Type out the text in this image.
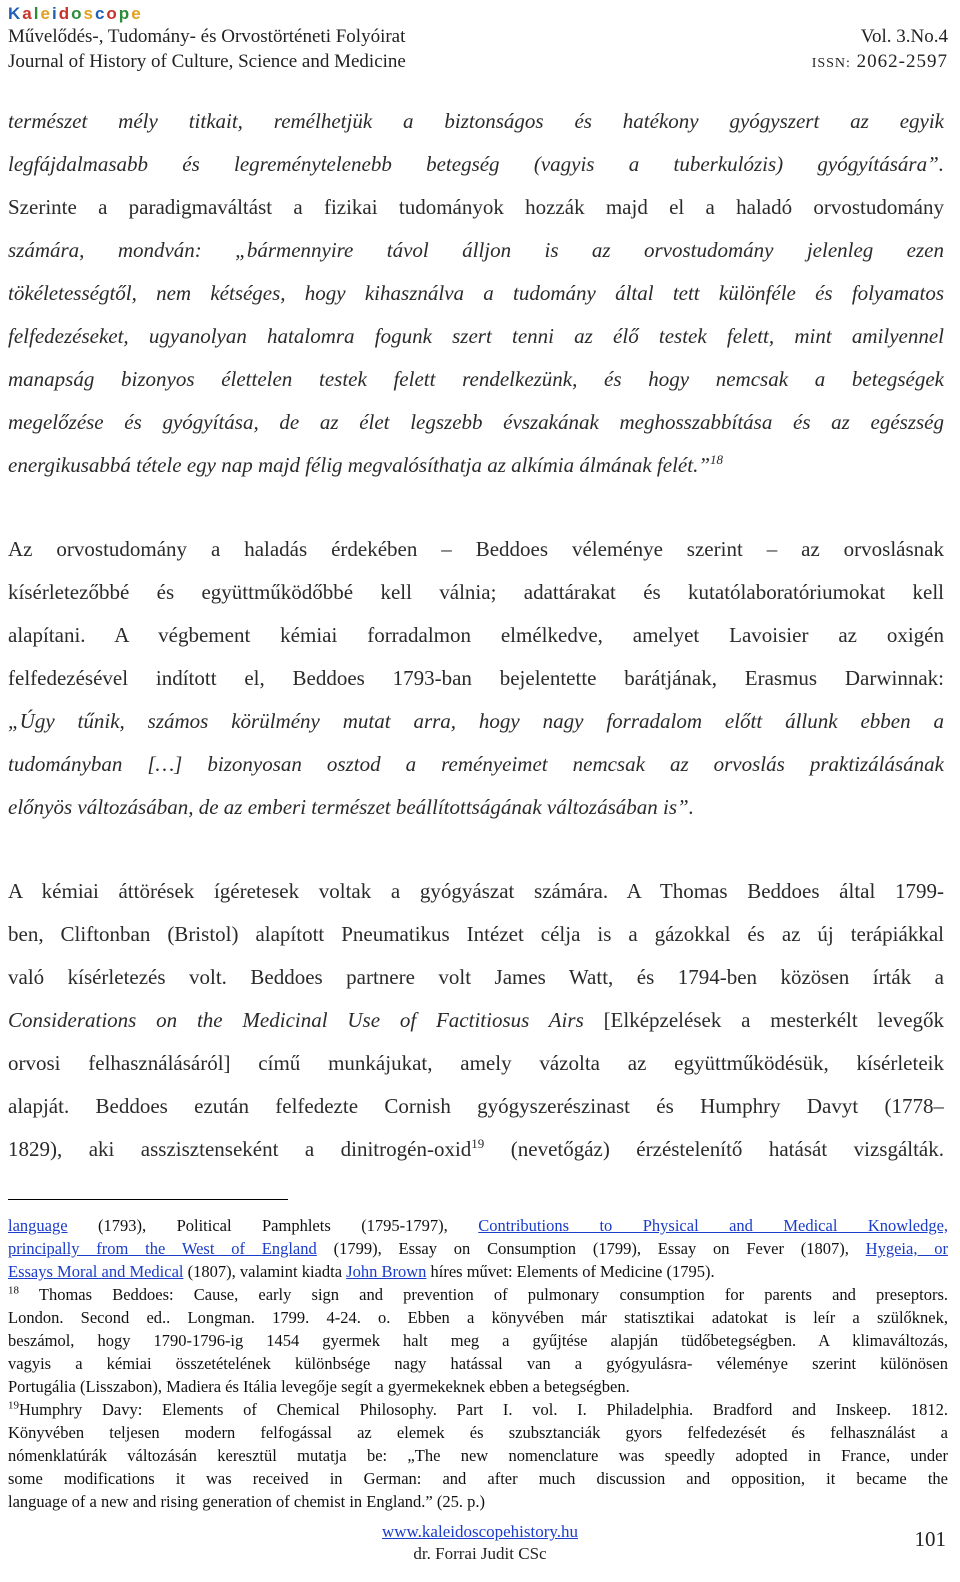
Kaleidoscope
Művelődés-, Tudomány- és Orvostörténeti Folyóirat	Vol. 3.No.4
Journal of History of Culture, Science and Medicine	ISSN: 2062-2597
természet mély titkait, remélhetjük a biztonságos és hatékony gyógyszert az egyik
legfájdalmasabb és legreménytelenebb betegség (vagyis a tuberkulózis) gyógyítására”.
Szerinte a paradigmaváltást a fizikai tudományok hozzák majd el a haladó orvostudomány
számára, mondván: „bármennyire távol álljon is az orvostudomány jelenleg ezen
tökéletességtől, nem kétséges, hogy kihasználva a tudomány által tett különféle és folyamatos
felfedezéseket, ugyanolyan hatalomra fogunk szert tenni az élő testek felett, mint amilyennel
manapság bizonyos élettelen testek felett rendelkezünk, és hogy nemcsak a betegségek
megelőzése és gyógyítása, de az élet legszebb évszakának meghosszabbítása és az egészség
energikusabbá tétele egy nap majd félig megvalósíthatja az alkímia álmának felét.”$^{18}$
Az orvostudomány a haladás érdekében – Beddoes véleménye szerint – az orvoslásnak
kísérletezőbbé és együttműködőbbé kell válnia; adattárakat és kutatólaboratóriumokat kell
alapítani. A végbement kémiai forradalmon elmélkedve, amelyet Lavoisier az oxigén
felfedezésével indított el, Beddoes 1793-ban bejelentette barátjának, Erasmus Darwinnak:
„Úgy tűnik, számos körülmény mutat arra, hogy nagy forradalom előtt állunk ebben a
tudományban […] bizonyosan osztod a reményeimet nemcsak az orvoslás praktizálásának
előnyös változásában, de az emberi természet beállítottságának változásában is”.
A kémiai áttörések ígéretesek voltak a gyógyászat számára. A Thomas Beddoes által 1799-
ben, Cliftonban (Bristol) alapított Pneumatikus Intézet célja is a gázokkal és az új terápiákkal
való kísérletezés volt. Beddoes partnere volt James Watt, és 1794-ben közösen írták a
Considerations on the Medicinal Use of Factitiosus Airs [Elképzelések a mesterkélt levegők
orvosi felhasználásáról] című munkájukat, amely vázolta az együttműködésük, kísérleteik
alapját. Beddoes ezután felfedezte Cornish gyógyszerészinast és Humphry Davyt (1778–
1829), aki asszisztenseként a dinitrogén-oxid$^{19}$ (nevetőgáz) érzéstelenítő hatását vizsgálták.
language (1793), Political Pamphlets (1795-1797), Contributions to Physical and Medical Knowledge,
principally from the West of England (1799), Essay on Consumption (1799), Essay on Fever (1807), Hygeia, or
Essays Moral and Medical (1807), valamint kiadta John Brown híres művet: Elements of Medicine (1795).
$^{18}$ Thomas Beddoes: Cause, early sign and prevention of pulmonary consumption for parents and preseptors.
London. Second ed.. Longman. 1799. 4-24. o. Ebben a könyvében már statisztikai adatokat is leír a szülőknek,
beszámol, hogy 1790-1796-ig 1454 gyermek halt meg a gyűjtése alapján tüdőbetegségben. A klimaváltozás,
vagyis a kémiai összetételének különbsége nagy hatással van a gyógyulásra- véleménye szerint különösen
Portugália (Lisszabon), Madiera és Itália levegője segít a gyermekeknek ebben a betegségben.
$^{19}$Humphry Davy: Elements of Chemical Philosophy. Part I. vol. I. Philadelphia. Bradford and Inskeep. 1812.
Könyvében teljesen modern felfogással az elemek és szubsztanciák gyors felfedezését és felhasználást a
nómenklatúrák változásán keresztül mutatja be: „The new nomenclature was speedly adopted in France, under
some modifications it was received in German: and after much discussion and opposition, it became the
language of a new and rising generation of chemist in England.” (25. p.)
www.kaleidoscopehistory.hu
dr. Forrai Judit CSc
101
